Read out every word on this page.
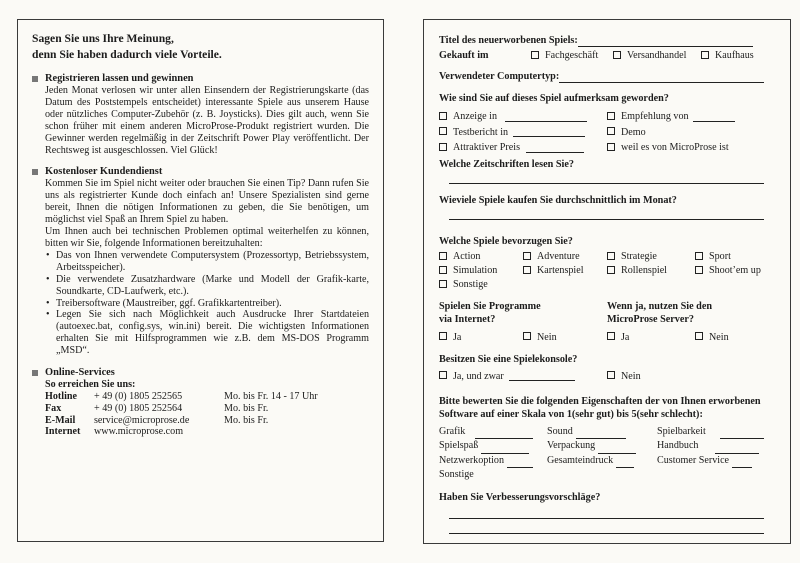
Sagen Sie uns Ihre Meinung,
denn Sie haben dadurch viele Vorteile.
Registrieren lassen und gewinnen
Jeden Monat verlosen wir unter allen Einsendern der Registrierungskarte (das Datum des Poststempels entscheidet) interessante Spiele aus unserem Hause oder nützliches Computer-Zubehör (z. B. Joysticks). Dies gilt auch, wenn Sie schon früher mit einem anderen MicroProse-Produkt registriert wurden. Die Gewinner werden regelmäßig in der Zeitschrift Power Play veröffentlicht. Der Rechtsweg ist ausgeschlossen. Viel Glück!
Kostenloser Kundendienst
Kommen Sie im Spiel nicht weiter oder brauchen Sie einen Tip? Dann rufen Sie uns als registrierter Kunde doch einfach an! Unsere Spezialisten sind gerne bereit, Ihnen die nötigen Informationen zu geben, die Sie benötigen, um möglichst viel Spaß an Ihrem Spiel zu haben.
Um Ihnen auch bei technischen Problemen optimal weiterhelfen zu können, bitten wir Sie, folgende Informationen bereitzuhalten:
• Das von Ihnen verwendete Computersystem (Prozessortyp, Betriebssystem, Arbeitsspeicher).
• Die verwendete Zusatzhardware (Marke und Modell der Grafik-karte, Soundkarte, CD-Laufwerk, etc.).
• Treibersoftware (Maustreiber, ggf. Grafikkartentreiber).
• Legen Sie sich nach Möglichkeit auch Ausdrucke Ihrer Startdateien (autoexec.bat, config.sys, win.ini) bereit. Die wichtigsten Informationen erhalten Sie mit Hilfsprogrammen wie z.B. dem MS-DOS Programm „MSD“.
Online-Services
So erreichen Sie uns:
Hotline	+ 49 (0) 1805 252565	Mo. bis Fr. 14 - 17 Uhr
Fax	+ 49 (0) 1805 252564	Mo. bis Fr.
E-Mail	service@microprose.de	Mo. bis Fr.
Internet	www.microprose.com
Titel des neuerworbenen Spiels:
Gekauft im	Fachgeschäft	Versandhandel	Kaufhaus
Verwendeter Computertyp:
Wie sind Sie auf dieses Spiel aufmerksam geworden?
Anzeige in	Empfehlung von
Testbericht in	Demo
Attraktiver Preis	weil es von MicroProse ist
Welche Zeitschriften lesen Sie?
Wieviele Spiele kaufen Sie durchschnittlich im Monat?
Welche Spiele bevorzugen Sie?
Action	Adventure	Strategie	Sport
Simulation	Kartenspiel	Rollenspiel	Shoot’em up
Sonstige
Spielen Sie Programme
via Internet?
Wenn ja, nutzen Sie den
MicroProse Server?
Ja	Nein	Ja	Nein
Besitzen Sie eine Spielekonsole?
Ja, und zwar	Nein
Bitte bewerten Sie die folgenden Eigenschaften der von Ihnen erworbenen Software auf einer Skala von 1(sehr gut) bis 5(sehr schlecht):
Grafik	Sound	Spielbarkeit
Spielspaß	Verpackung	Handbuch
Netzwerkoption	Gesamteindruck	Customer Service
Sonstige
Haben Sie Verbesserungsvorschläge?
